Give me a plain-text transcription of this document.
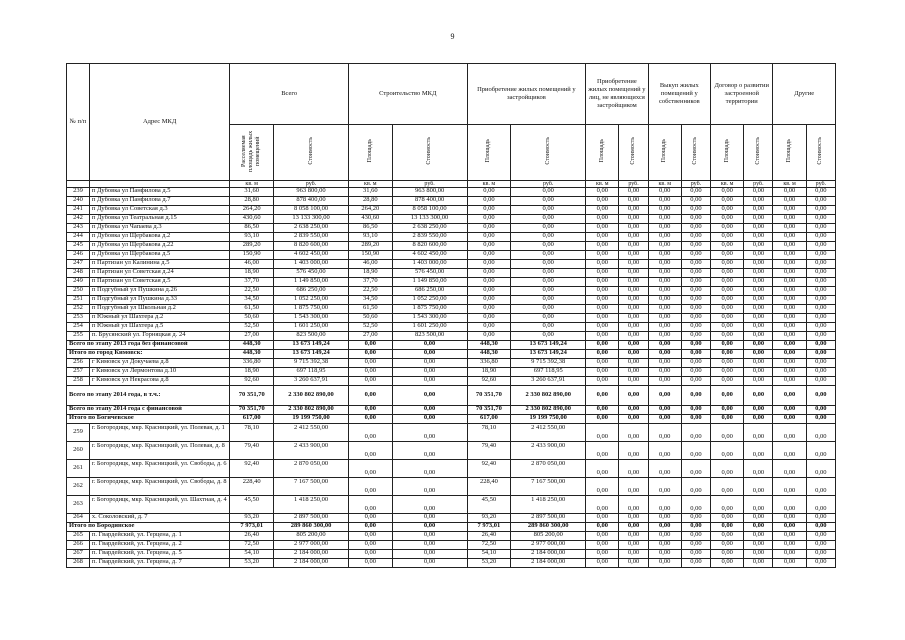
9
№ п/п	Адрес МКД	Всего		Строительство МКД		Приобретение жилых помещений у застройщиков		Приобретение жилых помещений у лиц, не являющихся застройщиком		Выкуп жилых помещений у собственников		Договор о развитии застроенной территории		Другие	
		Расселяемая площадь жилых помещений	Стоимость	Площадь	Стоимость	Площадь	Стоимость	Площадь	Стоимость	Площадь	Стоимость	Площадь	Стоимость	Площадь	Стоимость
		кв. м	руб.	кв. м	руб.	кв. м	руб.	кв. м	руб.	кв. м	руб.	кв. м	руб.	кв. м	руб.
239	п Дубовка ул Панфилова д.5	31,60	963 800,00	31,60	963 800,00	0,00	0,00	0,00	0,00	0,00	0,00	0,00	0,00	0,00	0,00
240	п Дубовка ул Панфилова д.7	28,80	878 400,00	28,80	878 400,00	0,00	0,00	0,00	0,00	0,00	0,00	0,00	0,00	0,00	0,00
241	п Дубовка ул Советская д.3	264,20	8 058 100,00	264,20	8 058 100,00	0,00	0,00	0,00	0,00	0,00	0,00	0,00	0,00	0,00	0,00
242	п Дубовка ул Театральная д.15	430,60	13 133 300,00	430,60	13 133 300,00	0,00	0,00	0,00	0,00	0,00	0,00	0,00	0,00	0,00	0,00
243	п Дубовка ул Чапаева д.3	86,50	2 638 250,00	86,50	2 638 250,00	0,00	0,00	0,00	0,00	0,00	0,00	0,00	0,00	0,00	0,00
244	п Дубовка ул Щербакова д.2	93,10	2 839 550,00	93,10	2 839 550,00	0,00	0,00	0,00	0,00	0,00	0,00	0,00	0,00	0,00	0,00
245	п Дубовка ул Щербакова д.22	289,20	8 820 600,00	289,20	8 820 600,00	0,00	0,00	0,00	0,00	0,00	0,00	0,00	0,00	0,00	0,00
246	п Дубовка ул Щербакова д.5	150,90	4 602 450,00	150,90	4 602 450,00	0,00	0,00	0,00	0,00	0,00	0,00	0,00	0,00	0,00	0,00
247	п Партизан ул Калинина д.5	46,00	1 403 000,00	46,00	1 403 000,00	0,00	0,00	0,00	0,00	0,00	0,00	0,00	0,00	0,00	0,00
248	п Партизан ул Советская д.24	18,90	576 450,00	18,90	576 450,00	0,00	0,00	0,00	0,00	0,00	0,00	0,00	0,00	0,00	0,00
249	п Партизан ул Советская д.5	37,70	1 149 850,00	37,70	1 149 850,00	0,00	0,00	0,00	0,00	0,00	0,00	0,00	0,00	0,00	0,00
250	п Подгубный ул Пушкина д.26	22,50	686 250,00	22,50	686 250,00	0,00	0,00	0,00	0,00	0,00	0,00	0,00	0,00	0,00	0,00
251	п Подгубный ул Пушкина д.33	34,50	1 052 250,00	34,50	1 052 250,00	0,00	0,00	0,00	0,00	0,00	0,00	0,00	0,00	0,00	0,00
252	п Подгубный ул Школьная д.2	61,50	1 875 750,00	61,50	1 875 750,00	0,00	0,00	0,00	0,00	0,00	0,00	0,00	0,00	0,00	0,00
253	п Южный ул Шахтера д.2	50,60	1 543 300,00	50,60	1 543 300,00	0,00	0,00	0,00	0,00	0,00	0,00	0,00	0,00	0,00	0,00
254	п Южный ул Шахтера д.5	52,50	1 601 250,00	52,50	1 601 250,00	0,00	0,00	0,00	0,00	0,00	0,00	0,00	0,00	0,00	0,00
255	п. Брусянский ул. Горняцкая д. 24	27,00	823 500,00	27,00	823 500,00	0,00	0,00	0,00	0,00	0,00	0,00	0,00	0,00	0,00	0,00
Всего по этапу 2013 года без финансовой		448,30	13 673 149,24	0,00	0,00	448,30	13 673 149,24	0,00	0,00	0,00	0,00	0,00	0,00	0,00	0,00
Итого по город Кимовск:		448,30	13 673 149,24	0,00	0,00	448,30	13 673 149,24	0,00	0,00	0,00	0,00	0,00	0,00	0,00	0,00
256	г Кимовск ул Докучаева д.8	336,80	9 715 392,38	0,00	0,00	336,80	9 715 392,38	0,00	0,00	0,00	0,00	0,00	0,00	0,00	0,00
257	г Кимовск ул Лермонтова д.10	18,90	697 118,95	0,00	0,00	18,90	697 118,95	0,00	0,00	0,00	0,00	0,00	0,00	0,00	0,00
258	г Кимовск ул Некрасова д.8	92,60	3 260 637,91	0,00	0,00	92,60	3 260 637,91	0,00	0,00	0,00	0,00	0,00	0,00	0,00	0,00
Всего по этапу 2014 года, в т.ч.:		70 351,70	2 330 802 890,00	0,00	0,00	70 351,70	2 330 802 890,00	0,00	0,00	0,00	0,00	0,00	0,00	0,00	0,00
Всего по этапу 2014 года с финансовой		70 351,70	2 330 802 890,00	0,00	0,00	70 351,70	2 330 802 890,00	0,00	0,00	0,00	0,00	0,00	0,00	0,00	0,00
Итого по Богичевское		617,00	19 199 750,00	0,00	0,00	617,00	19 199 750,00	0,00	0,00	0,00	0,00	0,00	0,00	0,00	0,00
259	г. Богородицк, мкр. Красницкий, ул. Полевая, д. 1	78,10	2 412 550,00	0,00	0,00	78,10	2 412 550,00	0,00	0,00	0,00	0,00	0,00	0,00	0,00	0,00
260	г. Богородицк, мкр. Красницкий, ул. Полевая, д. 8	79,40	2 433 900,00	0,00	0,00	79,40	2 433 900,00	0,00	0,00	0,00	0,00	0,00	0,00	0,00	0,00
261	г. Богородицк, мкр. Красницкий, ул. Свободы, д. 6	92,40	2 870 050,00	0,00	0,00	92,40	2 870 050,00	0,00	0,00	0,00	0,00	0,00	0,00	0,00	0,00
262	г. Богородицк, мкр. Красницкий, ул. Свободы, д. 8	228,40	7 167 500,00	0,00	0,00	228,40	7 167 500,00	0,00	0,00	0,00	0,00	0,00	0,00	0,00	0,00
263	г. Богородицк, мкр. Красницкий, ул. Шахтная, д. 4	45,50	1 418 250,00	0,00	0,00	45,50	1 418 250,00	0,00	0,00	0,00	0,00	0,00	0,00	0,00	0,00
264	х. Соколовский, д. 7	93,20	2 897 500,00	0,00	0,00	93,20	2 897 500,00	0,00	0,00	0,00	0,00	0,00	0,00	0,00	0,00
Итого по Бородинское		7 973,01	289 860 300,00	0,00	0,00	7 973,01	289 860 300,00	0,00	0,00	0,00	0,00	0,00	0,00	0,00	0,00
265	п. Гвардейский, ул. Герцена, д. 1	26,40	805 200,00	0,00	0,00	26,40	805 200,00	0,00	0,00	0,00	0,00	0,00	0,00	0,00	0,00
266	п. Гвардейский, ул. Герцена, д. 2	72,50	2 977 000,00	0,00	0,00	72,50	2 977 000,00	0,00	0,00	0,00	0,00	0,00	0,00	0,00	0,00
267	п. Гвардейский, ул. Герцена, д. 5	54,10	2 184 000,00	0,00	0,00	54,10	2 184 000,00	0,00	0,00	0,00	0,00	0,00	0,00	0,00	0,00
268	п. Гвардейский, ул. Герцена, д. 7	53,20	2 184 000,00	0,00	0,00	53,20	2 184 000,00	0,00	0,00	0,00	0,00	0,00	0,00	0,00	0,00
